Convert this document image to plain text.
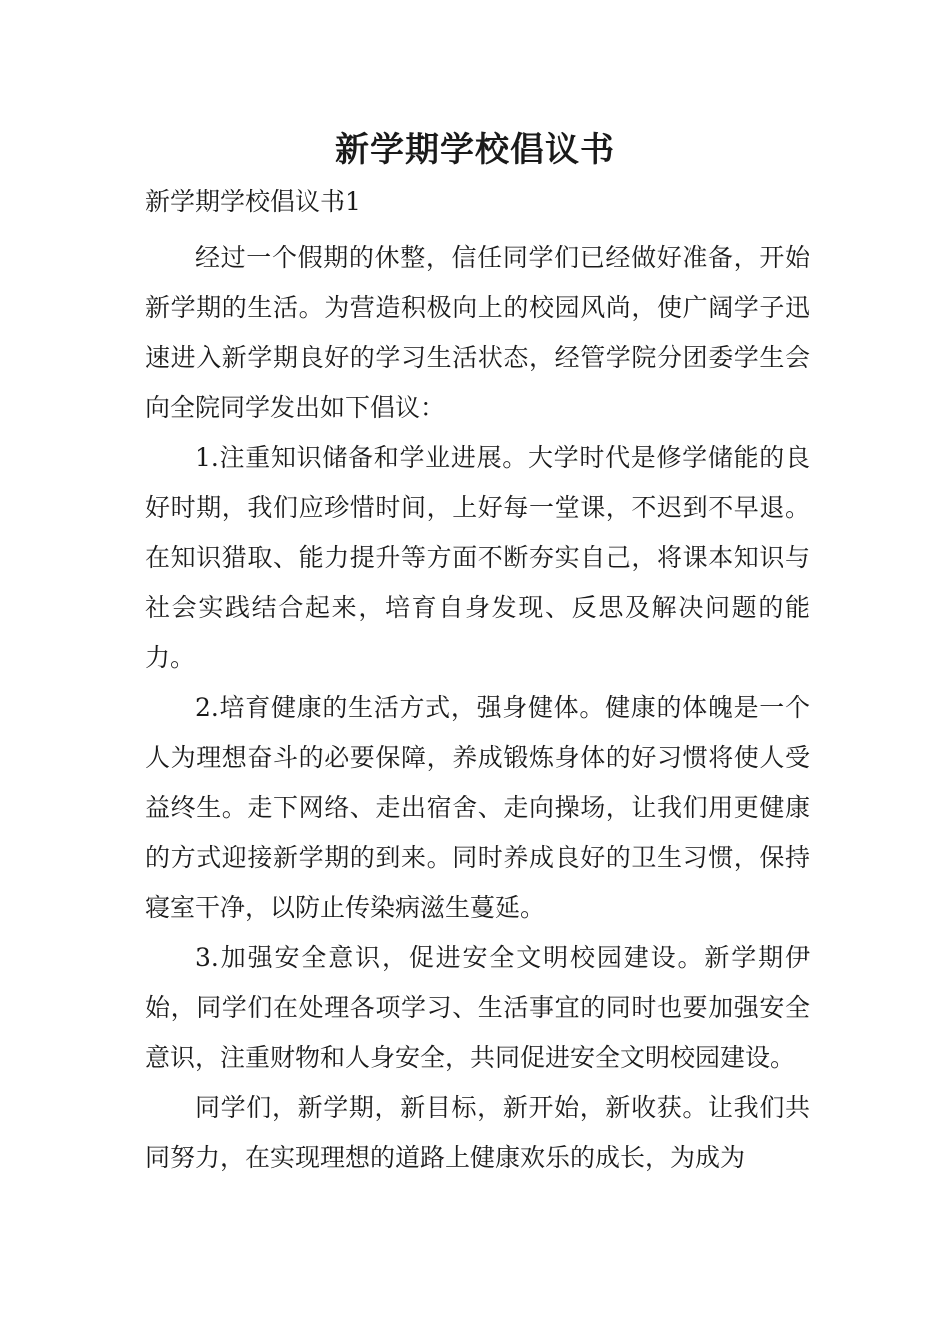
新学期学校倡议书

新学期学校倡议书1

经过一个假期的休整，信任同学们已经做好准备，开始新学期的生活。为营造积极向上的校园风尚，使广阔学子迅速进入新学期良好的学习生活状态，经管学院分团委学生会向全院同学发出如下倡议：

1.注重知识储备和学业进展。大学时代是修学储能的良好时期，我们应珍惜时间，上好每一堂课，不迟到不早退。在知识猎取、能力提升等方面不断夯实自己，将课本知识与社会实践结合起来，培育自身发现、反思及解决问题的能力。

2.培育健康的生活方式，强身健体。健康的体魄是一个人为理想奋斗的必要保障，养成锻炼身体的好习惯将使人受益终生。走下网络、走出宿舍、走向操场，让我们用更健康的方式迎接新学期的到来。同时养成良好的卫生习惯，保持寝室干净，以防止传染病滋生蔓延。

3.加强安全意识，促进安全文明校园建设。新学期伊始，同学们在处理各项学习、生活事宜的同时也要加强安全意识，注重财物和人身安全，共同促进安全文明校园建设。

同学们，新学期，新目标，新开始，新收获。让我们共同努力，在实现理想的道路上健康欢乐的成长，为成为
